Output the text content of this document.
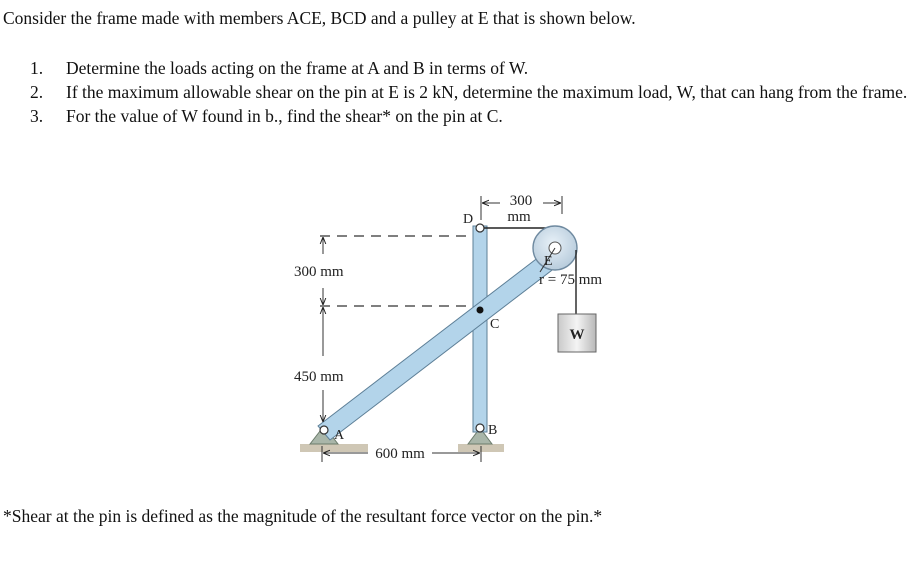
Consider the frame made with members ACE, BCD and a pulley at E that is shown below.

1.	Determine the loads acting on the frame at A and B in terms of W.
2.	If the maximum allowable shear on the pin at E is 2 kN, determine the maximum load, W, that can hang from the frame.
3.	For the value of W found in b., find the shear* on the pin at C.
W
D
C
A	B
E
300
mm
300 mm
450 mm
600 mm
r = 75 mm

*Shear at the pin is defined as the magnitude of the resultant force vector on the pin.*
